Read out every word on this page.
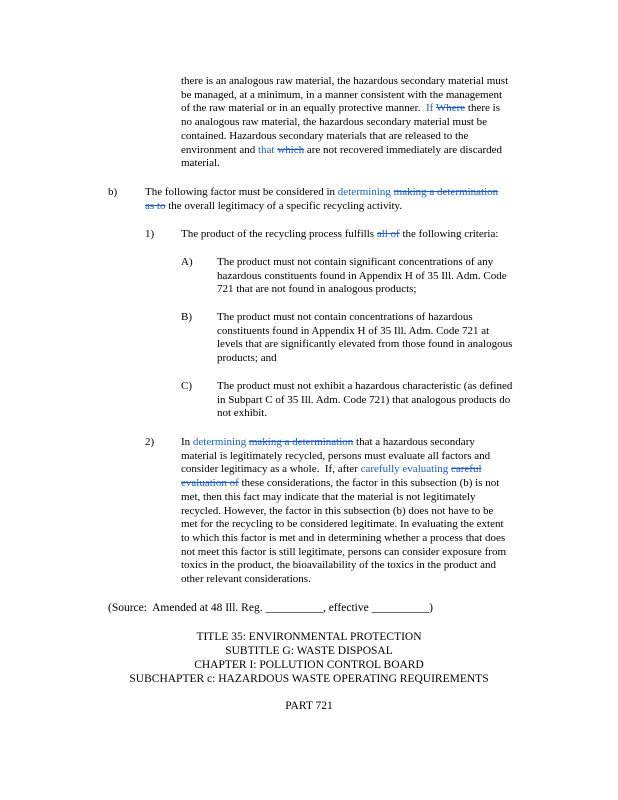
there is an analogous raw material, the hazardous secondary material must

be managed, at a minimum, in a manner consistent with the management

of the raw material or in an equally protective manner.  If Where there is

no analogous raw material, the hazardous secondary material must be

contained. Hazardous secondary materials that are released to the

environment and that which are not recovered immediately are discarded

material.

b)	The following factor must be considered in determining making a determination

as to the overall legitimacy of a specific recycling activity.

1) The product of the recycling process fulfills all of the following criteria:

A) The product must not contain significant concentrations of any

hazardous constituents found in Appendix H of 35 Ill. Adm. Code

721 that are not found in analogous products;

B) The product must not contain concentrations of hazardous

constituents found in Appendix H of 35 Ill. Adm. Code 721 at

levels that are significantly elevated from those found in analogous

products; and

C) The product must not exhibit a hazardous characteristic (as defined

in Subpart C of 35 Ill. Adm. Code 721) that analogous products do

not exhibit.

2) In determining making a determination that a hazardous secondary

material is legitimately recycled, persons must evaluate all factors and

consider legitimacy as a whole.  If, after carefully evaluating careful

evaluation of these considerations, the factor in this subsection (b) is not

met, then this fact may indicate that the material is not legitimately

recycled. However, the factor in this subsection (b) does not have to be

met for the recycling to be considered legitimate. In evaluating the extent

to which this factor is met and in determining whether a process that does

not meet this factor is still legitimate, persons can consider exposure from

toxics in the product, the bioavailability of the toxics in the product and

other relevant considerations.

(Source:  Amended at 48 Ill. Reg. __________, effective __________)

TITLE 35: ENVIRONMENTAL PROTECTION

SUBTITLE G: WASTE DISPOSAL

CHAPTER I: POLLUTION CONTROL BOARD

SUBCHAPTER c: HAZARDOUS WASTE OPERATING REQUIREMENTS

PART 721
